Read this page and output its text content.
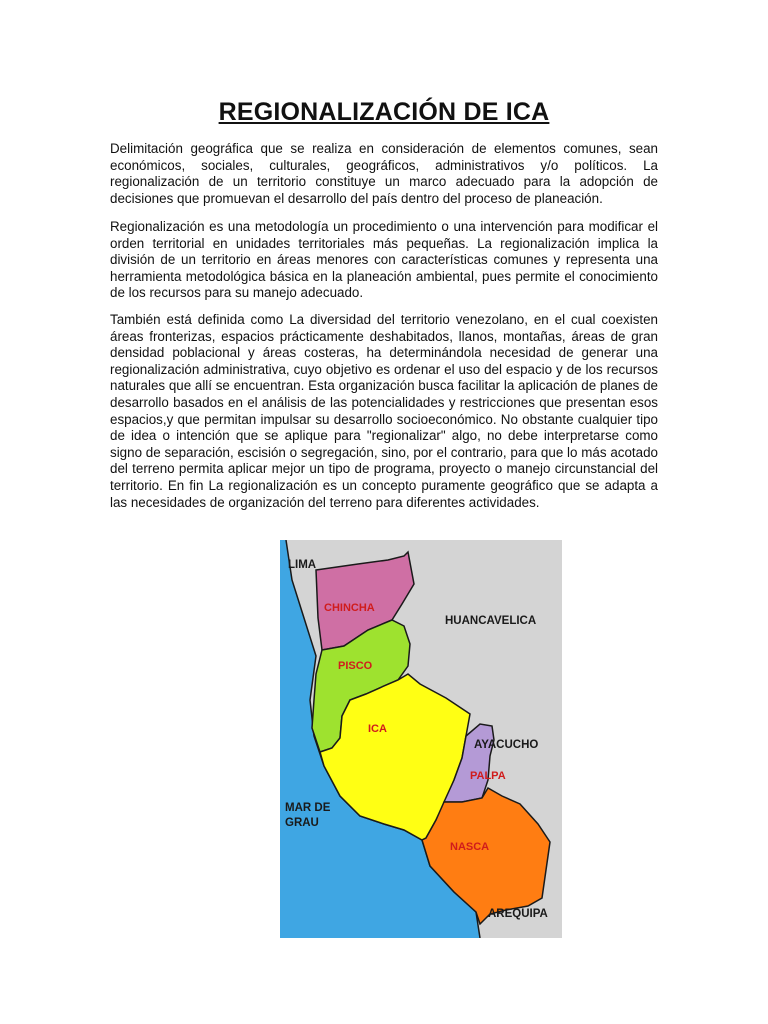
REGIONALIZACIÓN DE ICA

Delimitación geográfica que se realiza en consideración de elementos comunes, sean económicos, sociales, culturales, geográficos, administrativos y/o políticos. La regionalización de un territorio constituye un marco adecuado para la adopción de decisiones que promuevan el desarrollo del país dentro del proceso de planeación.

Regionalización es una metodología un procedimiento o una intervención para modificar el orden territorial en unidades territoriales más pequeñas. La regionalización implica la división de un territorio en áreas menores con características comunes y representa una herramienta metodológica básica en la planeación ambiental, pues permite el conocimiento de los recursos para su manejo adecuado.

También está definida como La diversidad del territorio venezolano, en el cual coexisten áreas fronterizas, espacios prácticamente deshabitados, llanos, montañas, áreas de gran densidad poblacional y áreas costeras, ha determinándola necesidad de generar una regionalización administrativa, cuyo objetivo es ordenar el uso del espacio y de los recursos naturales que allí se encuentran. Esta organización busca facilitar la aplicación de planes de desarrollo basados en el análisis de las potencialidades y restricciones que presentan esos espacios,y que permitan impulsar su desarrollo socioeconómico. No obstante cualquier tipo de idea o intención que se aplique para "regionalizar" algo, no debe interpretarse como signo de separación, escisión o segregación, sino, por el contrario, para que lo más acotado del terreno permita aplicar mejor un tipo de programa, proyecto o manejo circunstancial del territorio. En fin La regionalización es un concepto puramente geográfico que se adapta a las necesidades de organización del terreno para diferentes actividades.

LIMA
HUANCAVELICA
AYACUCHO
AREQUIPA
MAR DE
GRAU
CHINCHA
PISCO
ICA
PALPA
NASCA
